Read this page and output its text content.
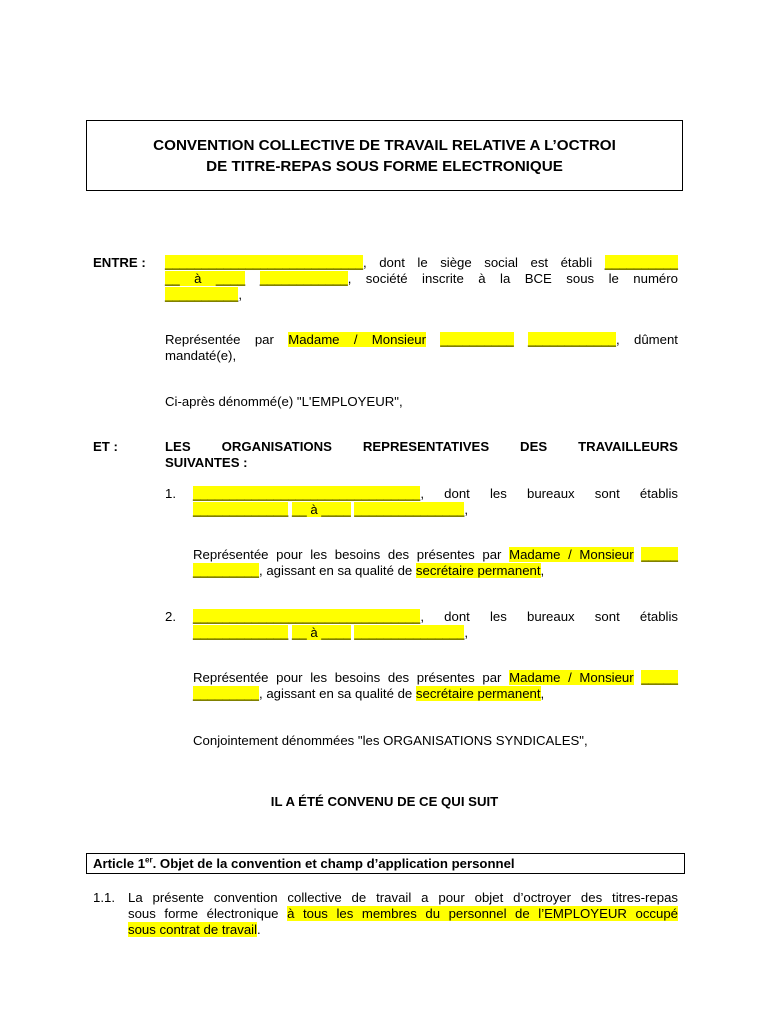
CONVENTION COLLECTIVE DE TRAVAIL RELATIVE A L’OCTROI
DE TITRE-REPAS SOUS FORME ELECTRONIQUE
ENTRE : ___________________________, dont le siège social est établi __________
__ à ____ ____________, société inscrite à la BCE sous le numéro
__________,
Représentée par Madame / Monsieur __________ ____________, dûment
mandaté(e),
Ci-après dénommé(e) "L'EMPLOYEUR",
ET :	LES ORGANISATIONS REPRESENTATIVES DES TRAVAILLEURS
SUIVANTES :
1. _______________________________, dont les bureaux sont établis
_____________ __ à ____ _______________,
Représentée pour les besoins des présentes par Madame / Monsieur _____
_________, agissant en sa qualité de secrétaire permanent,
2. _______________________________, dont les bureaux sont établis
_____________ __ à ____ _______________,
Représentée pour les besoins des présentes par Madame / Monsieur _____
_________, agissant en sa qualité de secrétaire permanent,
Conjointement dénommées "les ORGANISATIONS SYNDICALES",
IL A ÉTÉ CONVENU DE CE QUI SUIT
Article 1er. Objet de la convention et champ d’application personnel
1.1. La présente convention collective de travail a pour objet d’octroyer des titres-repas
sous forme électronique à tous les membres du personnel de l’EMPLOYEUR occupé
sous contrat de travail.
